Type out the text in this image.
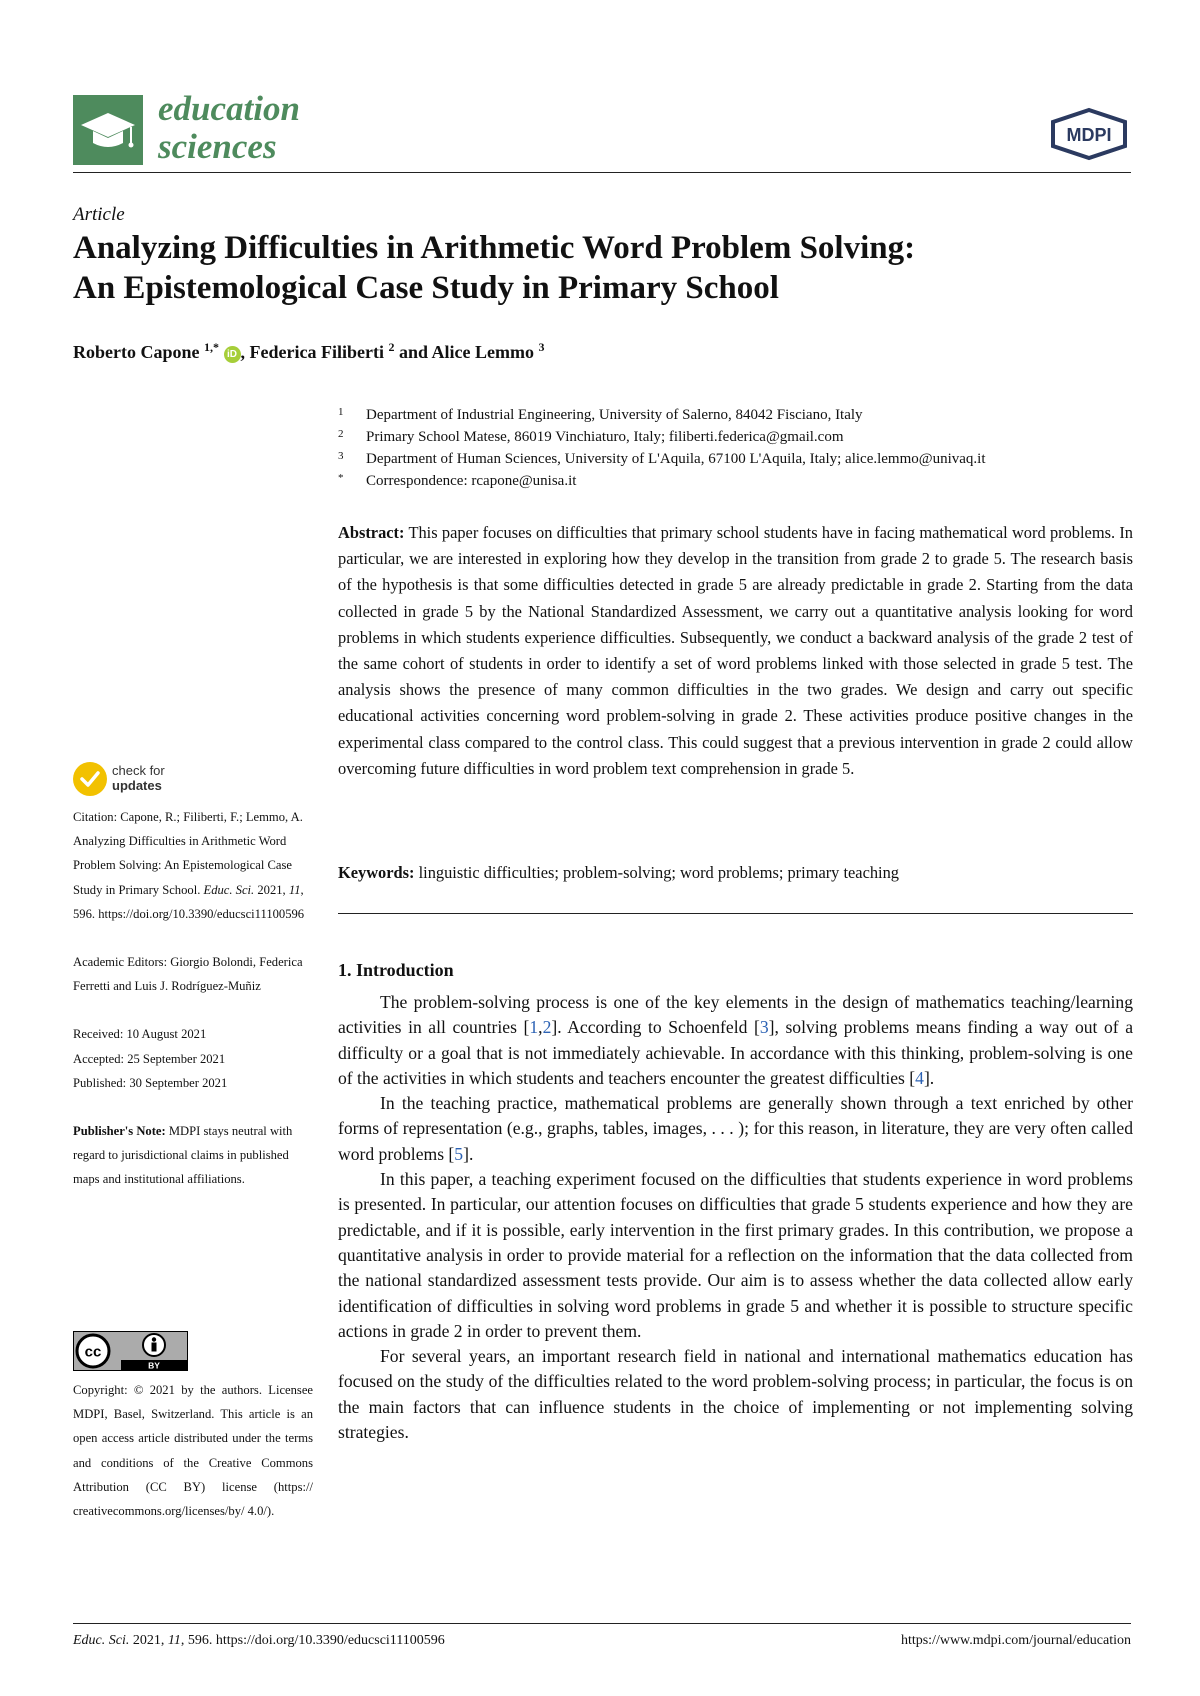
education
sciences	MDPI
Article
Analyzing Difficulties in Arithmetic Word Problem Solving:
An Epistemological Case Study in Primary School
Roberto Capone $^{1,*}$ iD , Federica Filiberti $^2$ and Alice Lemmo $^3$
1 Department of Industrial Engineering, University of Salerno, 84042 Fisciano, Italy
2 Primary School Matese, 86019 Vinchiaturo, Italy; filiberti.federica@gmail.com
3 Department of Human Sciences, University of L'Aquila, 67100 L'Aquila, Italy; alice.lemmo@univaq.it
* Correspondence: rcapone@unisa.it
Abstract: This paper focuses on difficulties that primary school students have in facing mathematical word problems. In particular, we are interested in exploring how they develop in the transition from grade 2 to grade 5. The research basis of the hypothesis is that some difficulties detected in grade 5 are already predictable in grade 2. Starting from the data collected in grade 5 by the National Standardized Assessment, we carry out a quantitative analysis looking for word problems in which students experience difficulties. Subsequently, we conduct a backward analysis of the grade 2 test of the same cohort of students in order to identify a set of word problems linked with those selected in grade 5 test. The analysis shows the presence of many common difficulties in the two grades. We design and carry out specific educational activities concerning word problem-solving in grade 2. These activities produce positive changes in the experimental class compared to the control class. This could suggest that a previous intervention in grade 2 could allow overcoming future difficulties in word problem text comprehension in grade 5.
Keywords: linguistic difficulties; problem-solving; word problems; primary teaching
1. Introduction

The problem-solving process is one of the key elements in the design of mathematics teaching/learning activities in all countries [1,2]. According to Schoenfeld [3], solving problems means finding a way out of a difficulty or a goal that is not immediately achievable. In accordance with this thinking, problem-solving is one of the activities in which students and teachers encounter the greatest difficulties [4].

In the teaching practice, mathematical problems are generally shown through a text enriched by other forms of representation (e.g., graphs, tables, images, . . . ); for this reason, in literature, they are very often called word problems [5].

In this paper, a teaching experiment focused on the difficulties that students experience in word problems is presented. In particular, our attention focuses on difficulties that grade 5 students experience and how they are predictable, and if it is possible, early intervention in the first primary grades. In this contribution, we propose a quantitative analysis in order to provide material for a reflection on the information that the data collected from the national standardized assessment tests provide. Our aim is to assess whether the data collected allow early identification of difficulties in solving word problems in grade 5 and whether it is possible to structure specific actions in grade 2 in order to prevent them.

For several years, an important research field in national and international mathematics education has focused on the study of the difficulties related to the word problem-solving process; in particular, the focus is on the main factors that can influence students in the choice of implementing or not implementing solving strategies.

check for
updates
Citation: Capone, R.; Filiberti, F.; Lemmo, A. Analyzing Difficulties in Arithmetic Word Problem Solving: An Epistemological Case Study in Primary School. Educ. Sci. 2021, 11, 596. https://doi.org/10.3390/educsci11100596
Academic Editors: Giorgio Bolondi, Federica Ferretti and Luis J. Rodríguez-Muñiz

Received: 10 August 2021

Accepted: 25 September 2021

Published: 30 September 2021

Publisher's Note: MDPI stays neutral with regard to jurisdictional claims in published maps and institutional affiliations.
cc
BY
Copyright: © 2021 by the authors. Licensee MDPI, Basel, Switzerland. This article is an open access article distributed under the terms and conditions of the Creative Commons Attribution (CC BY) license (https:// creativecommons.org/licenses/by/ 4.0/).
Educ. Sci. 2021, 11, 596. https://doi.org/10.3390/educsci11100596	https://www.mdpi.com/journal/education
